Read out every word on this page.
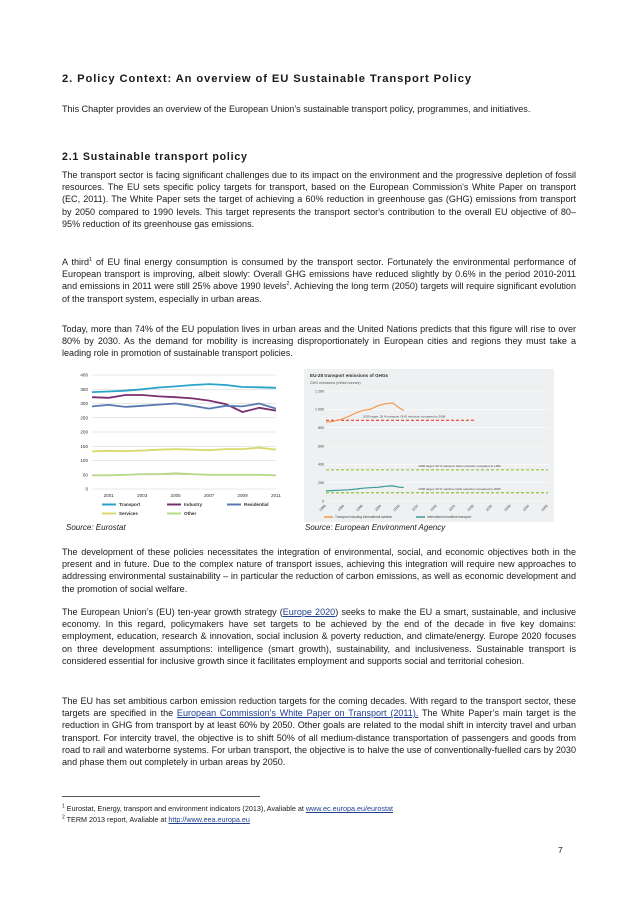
2. Policy Context: An overview of EU Sustainable Transport Policy
This Chapter provides an overview of the European Union’s sustainable transport policy, programmes, and initiatives.
2.1 Sustainable transport policy
The transport sector is facing significant challenges due to its impact on the environment and the progressive depletion of fossil resources. The EU sets specific policy targets for transport, based on the European Commission's White Paper on transport (EC, 2011). The White Paper sets the target of achieving a 60% reduction in greenhouse gas (GHG) emissions from transport by 2050 compared to 1990 levels. This target represents the transport sector's contribution to the overall EU objective of 80–95% reduction of its greenhouse gas emissions.
A third$^1$ of EU final energy consumption is consumed by the transport sector. Fortunately the environmental performance of European transport is improving, albeit slowly: Overall GHG emissions have reduced slightly by 0.6% in the period 2010-2011 and emissions in 2011 were still 25% above 1990 levels$^2$. Achieving the long term (2050) targets will require significant evolution of the transport system, especially in urban areas.
Today, more than 74% of the EU population lives in urban areas and the United Nations predicts that this figure will rise to over 80% by 2030. As the demand for mobility is increasing disproportionately in European cities and regions they must take a leading role in promotion of sustainable transport policies.
0
50
100
150
200
250
300
350
400
2001	2003	2005	2007	2009	2011
Transport	Industry	Residential
Services	Other
EU-28 transport emissions of GHGs
GHG emissions (million tonnes)
0
200
400
600
800
1 000
1 200
1990	1995	2000	2005	2010	2015	2020	2025	2030	2035	2040	2045	2050
2030 target: 20 % transport GHG reduction compared to 2008
2050 target: 60 % transport GHG reduction compared to 1990
2050 target: 40 % maritime GHG reduction compared to 2005
Transport including international aviation	International maritime transport
Source: Eurostat	Source: European Environment Agency
The development of these policies necessitates the integration of environmental, social, and economic objectives both in the present and in future. Due to the complex nature of transport issues, achieving this integration will require new approaches to addressing environmental sustainability – in particular the reduction of carbon emissions, as well as economic development and the promotion of social welfare.
The European Union’s (EU) ten-year growth strategy (Europe 2020) seeks to make the EU a smart, sustainable, and inclusive economy. In this regard, policymakers have set targets to be achieved by the end of the decade in five key domains: employment, education, research & innovation, social inclusion & poverty reduction, and climate/energy. Europe 2020 focuses on three development assumptions: intelligence (smart growth), sustainability, and inclusiveness. Sustainable transport is considered essential for inclusive growth since it facilitates employment and supports social and territorial cohesion.
The EU has set ambitious carbon emission reduction targets for the coming decades. With regard to the transport sector, these targets are specified in the European Commission's White Paper on Transport (2011). The White Paper’s main target is the reduction in GHG from transport by at least 60% by 2050. Other goals are related to the modal shift in intercity travel and urban transport. For intercity travel, the objective is to shift 50% of all medium-distance transportation of passengers and goods from road to rail and waterborne systems. For urban transport, the objective is to halve the use of conventionally-fuelled cars by 2030 and phase them out completely in urban areas by 2050.
$^1$ Eurostat, Energy, transport and environment indicators (2013), Avaliable at www.ec.europa.eu/eurostat
$^2$ TERM 2013 report, Avaliable at http://www.eea.europa.eu
7
